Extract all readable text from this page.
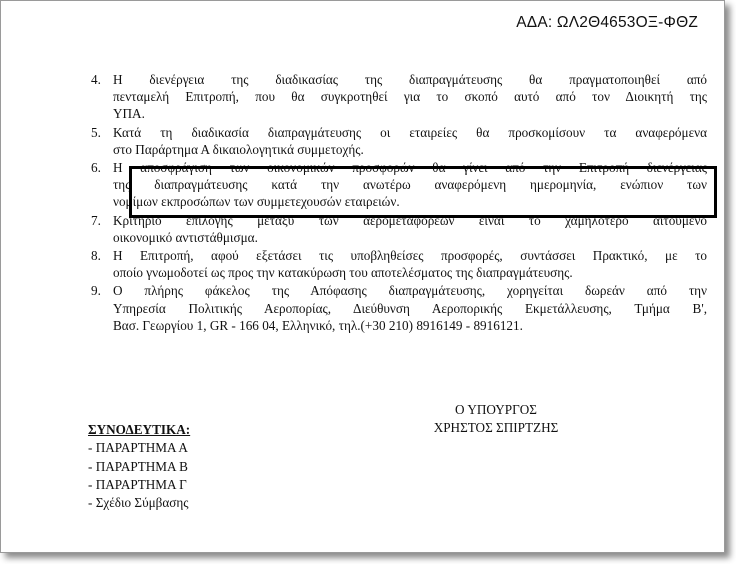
ΑΔΑ: ΩΛ2Θ4653ΟΞ-ΦΘΖ
4. Η διενέργεια της διαδικασίας της διαπραγμάτευσης θα πραγματοποιηθεί από
πενταμελή Επιτροπή, που θα συγκροτηθεί για το σκοπό αυτό από τον Διοικητή της
ΥΠΑ.
5. Κατά τη διαδικασία διαπραγμάτευσης οι εταιρείες θα προσκομίσουν τα αναφερόμενα
στο Παράρτημα Α δικαιολογητικά συμμετοχής.
6. Η αποσφράγιση των οικονομικών προσφορών θα γίνει από την Επιτροπή διενέργειας
της διαπραγμάτευσης κατά την ανωτέρω αναφερόμενη ημερομηνία, ενώπιον των
νομίμων εκπροσώπων των συμμετεχουσών εταιρειών.
7. Κριτήριο επιλογής μεταξύ των αερομεταφορέων είναι το χαμηλότερο αιτούμενο
οικονομικό αντιστάθμισμα.
8. Η Επιτροπή, αφού εξετάσει τις υποβληθείσες προσφορές, συντάσσει Πρακτικό, με το
οποίο γνωμοδοτεί ως προς την κατακύρωση του αποτελέσματος της διαπραγμάτευσης.
9. Ο πλήρης φάκελος της Απόφασης διαπραγμάτευσης, χορηγείται δωρεάν από την
Υπηρεσία Πολιτικής Αεροπορίας, Διεύθυνση Αεροπορικής Εκμετάλλευσης, Τμήμα Β',
Βασ. Γεωργίου 1, GR - 166 04, Ελληνικό, τηλ.(+30 210) 8916149 - 8916121.
Ο ΥΠΟΥΡΓΟΣ
ΧΡΗΣΤΟΣ ΣΠΙΡΤΖΗΣ
ΣΥΝΟΔΕΥΤΙΚΑ:
- ΠΑΡΑΡΤΗΜΑ Α
- ΠΑΡΑΡΤΗΜΑ Β
- ΠΑΡΑΡΤΗΜΑ Γ
- Σχέδιο Σύμβασης
